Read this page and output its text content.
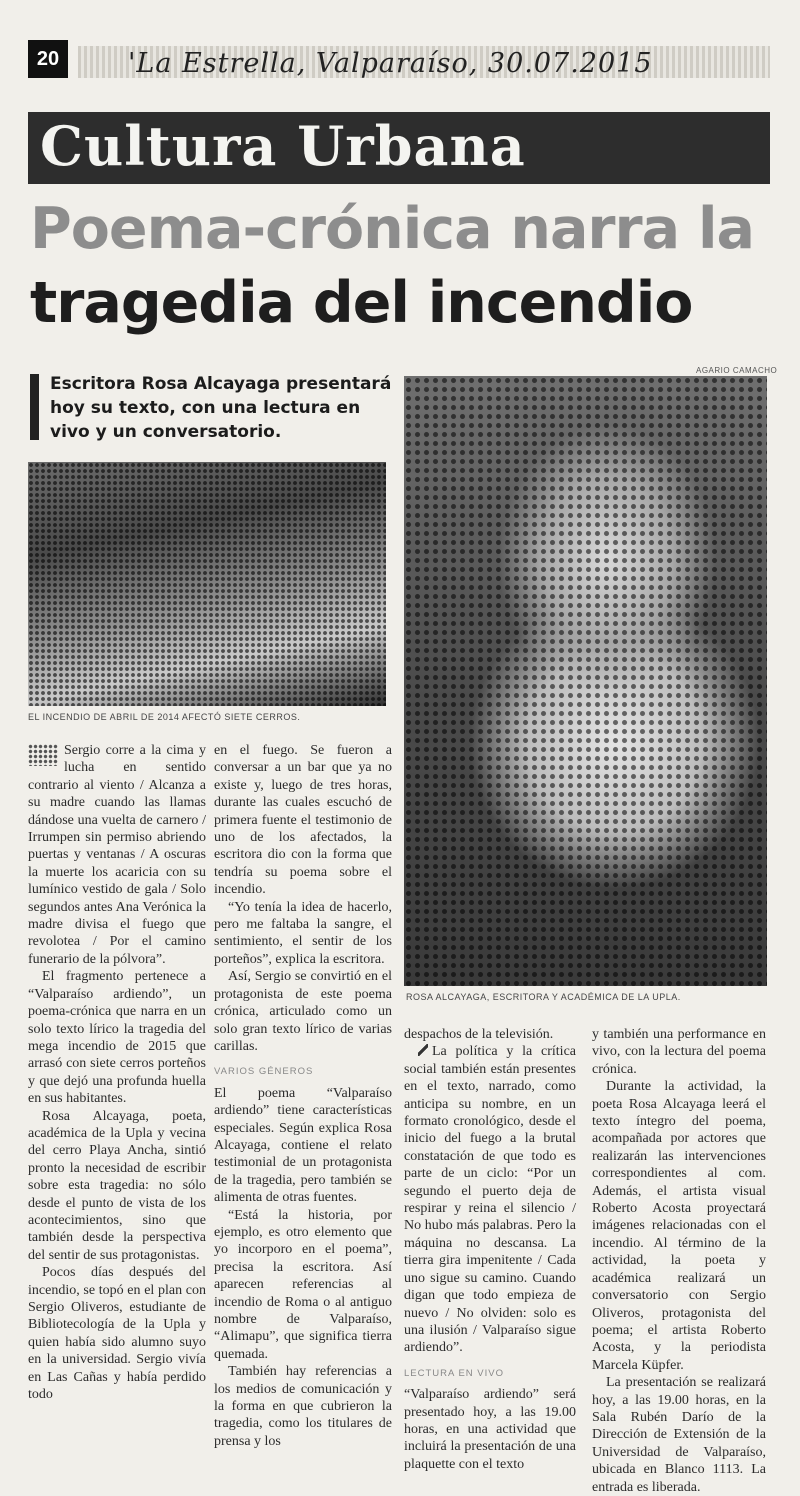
20	'La Estrella, Valparaíso, 30.07.2015
Cultura Urbana
Poema-crónica narra la
tragedia del incendio
AGARIO CAMACHO
Escritora Rosa Alcayaga presentará hoy su texto, con una lectura en vivo y un conversatorio.
EL INCENDIO DE ABRIL DE 2014 AFECTÓ SIETE CERROS.
ROSA ALCAYAGA, ESCRITORA Y ACADÉMICA DE LA UPLA.

Sergio corre a la cima y lucha en sentido contrario al viento / Alcanza a su madre cuando las llamas dándose una vuelta de carnero / Irrumpen sin permiso abriendo puertas y ventanas / A oscuras la muerte los acaricia con su lumínico vestido de gala / Solo segundos antes Ana Verónica la madre divisa el fuego que revolotea / Por el camino funerario de la pólvora”.

El fragmento pertenece a “Valparaíso ardiendo”, un poema-crónica que narra en un solo texto lírico la tragedia del mega incendio de 2015 que arrasó con siete cerros porteños y que dejó una profunda huella en sus habitantes.

Rosa Alcayaga, poeta, académica de la Upla y vecina del cerro Playa Ancha, sintió pronto la necesidad de escribir sobre esta tragedia: no sólo desde el punto de vista de los acontecimientos, sino que también desde la perspectiva del sentir de sus protagonistas.

Pocos días después del incendio, se topó en el plan con Sergio Oliveros, estudiante de Bibliotecología de la Upla y quien había sido alumno suyo en la universidad. Sergio vivía en Las Cañas y había perdido todo

en el fuego. Se fueron a conversar a un bar que ya no existe y, luego de tres horas, durante las cuales escuchó de primera fuente el testimonio de uno de los afectados, la escritora dio con la forma que tendría su poema sobre el incendio.

“Yo tenía la idea de hacerlo, pero me faltaba la sangre, el sentimiento, el sentir de los porteños”, explica la escritora.

Así, Sergio se convirtió en el protagonista de este poema crónica, articulado como un solo gran texto lírico de varias carillas.

VARIOS GÉNEROS

El poema “Valparaíso ardiendo” tiene características especiales. Según explica Rosa Alcayaga, contiene el relato testimonial de un protagonista de la tragedia, pero también se alimenta de otras fuentes.

“Está la historia, por ejemplo, es otro elemento que yo incorporo en el poema”, precisa la escritora. Así aparecen referencias al incendio de Roma o al antiguo nombre de Valparaíso, “Alimapu”, que significa tierra quemada.

También hay referencias a los medios de comunicación y la forma en que cubrieron la tragedia, como los titulares de prensa y los

despachos de la televisión.

La política y la crítica social también están presentes en el texto, narrado, como anticipa su nombre, en un formato cronológico, desde el inicio del fuego a la brutal constatación de que todo es parte de un ciclo: “Por un segundo el puerto deja de respirar y reina el silencio / No hubo más palabras. Pero la máquina no descansa. La tierra gira impenitente / Cada uno sigue su camino. Cuando digan que todo empieza de nuevo / No olviden: solo es una ilusión / Valparaíso sigue ardiendo”.

LECTURA EN VIVO

“Valparaíso ardiendo” será presentado hoy, a las 19.00 horas, en una actividad que incluirá la presentación de una plaquette con el texto

y también una performance en vivo, con la lectura del poema crónica.

Durante la actividad, la poeta Rosa Alcayaga leerá el texto íntegro del poema, acompañada por actores que realizarán las intervenciones correspondientes al com. Además, el artista visual Roberto Acosta proyectará imágenes relacionadas con el incendio. Al término de la actividad, la poeta y académica realizará un conversatorio con Sergio Oliveros, protagonista del poema; el artista Roberto Acosta, y la periodista Marcela Küpfer.

La presentación se realizará hoy, a las 19.00 horas, en la Sala Rubén Darío de la Dirección de Extensión de la Universidad de Valparaíso, ubicada en Blanco 1113. La entrada es liberada.
